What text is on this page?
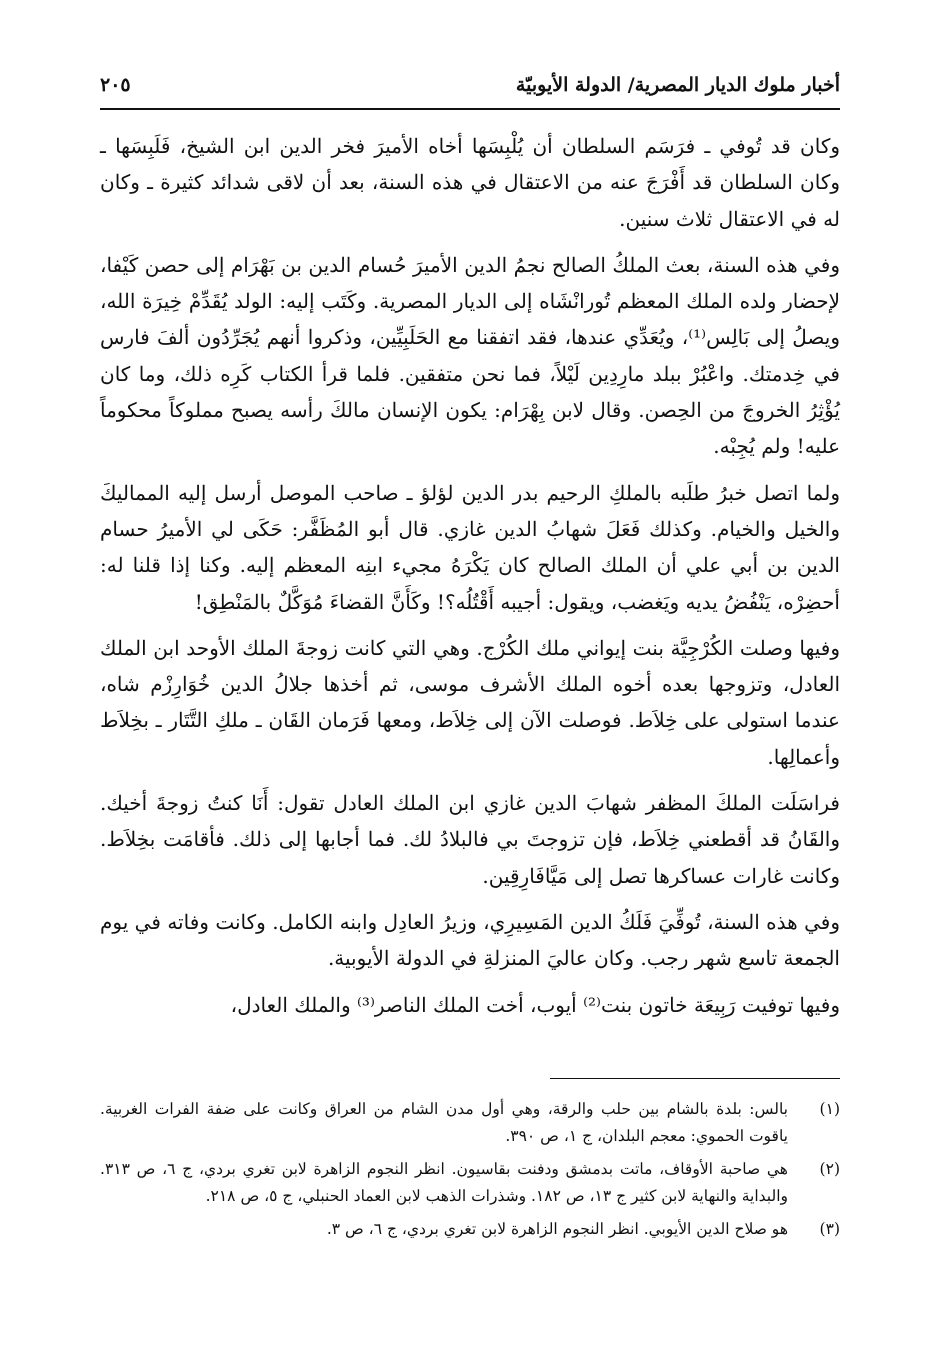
أخبار ملوك الديار المصرية/ الدولة الأيوبيّة
٢٠٥

وكان قد تُوفي ـ فرَسَم السلطان أن يُلْبِسَها أخاه الأميرَ فخر الدين ابن الشيخ، فَلَبِسَها ـ وكان السلطان قد أَفْرَجَ عنه من الاعتقال في هذه السنة، بعد أن لاقى شدائد كثيرة ـ وكان له في الاعتقال ثلاث سنين.

وفي هذه السنة، بعث الملكُ الصالح نجمُ الدين الأميرَ حُسام الدين بن بَهْرَام إلى حصن كَيْفا، لإحضار ولده الملك المعظم تُورانْشَاه إلى الديار المصرية. وكَتَب إليه: الولد يُقَدِّمْ خِيرَة الله، ويصلُ إلى بَالِس⁽¹⁾، ويُعَدِّي عندها، فقد اتفقنا مع الحَلَبِيِّين، وذكروا أنهم يُجَرِّدُون ألفَ فارس في خِدمتك. واعْبُرْ ببلد مارِدِين لَيْلاً، فما نحن متفقين. فلما قرأ الكتاب كَرِه ذلك، وما كان يُؤْثِرُ الخروجَ من الحِصن. وقال لابن بِهْرَام: يكون الإنسان مالكَ رأسه يصبح مملوكاً محكوماً عليه! ولم يُجِبْه.

ولما اتصل خبرُ طلَبه بالملكِ الرحيم بدر الدين لؤلؤ ـ صاحب الموصل أرسل إليه المماليكَ والخيل والخيام. وكذلك فَعَلَ شهابُ الدين غازي. قال أبو المُظَفَّر: حَكَى لي الأميرُ حسام الدين بن أبي علي أن الملك الصالح كان يَكْرَهُ مجيء ابنِه المعظم إليه. وكنا إذا قلنا له: أحضِرْه، يَنْفُضُ يديه ويَغضب، ويقول: أجيبه أَقْتُلُه؟! وكَأَنَّ القضاءَ مُوَكَّلٌ بالمَنْطِق!

وفيها وصلت الكُرْجِيَّة بنت إيواني ملك الكُرْج. وهي التي كانت زوجةَ الملك الأوحد ابن الملك العادل، وتزوجها بعده أخوه الملك الأشرف موسى، ثم أخذها جلالُ الدين خُوَارِزْم شاه، عندما استولى على خِلاَط. فوصلت الآن إلى خِلاَط، ومعها فَرَمان القَان ـ ملكِ التَّتَار ـ بخِلاَط وأعمالِها.

فراسَلَت الملكَ المظفر شهابَ الدين غازي ابن الملك العادل تقول: أَنَا كنتُ زوجةَ أخيك. والقَانُ قد أقطعني خِلاَط، فإن تزوجتَ بي فالبلادُ لك. فما أجابها إلى ذلك. فأقامَت بخِلاَط. وكانت غارات عساكرها تصل إلى مَيَّافَارِقِين.

وفي هذه السنة، تُوفِّيَ فَلَكُ الدين المَسِيرِي، وزيرُ العادِل وابنه الكامل. وكانت وفاته في يوم الجمعة تاسع شهر رجب. وكان عاليَ المنزلةِ في الدولة الأيوبية.

وفيها توفيت رَبِيعَة خاتون بنت⁽²⁾ أيوب، أخت الملك الناصر⁽³⁾ والملك العادل،

(١)
بالس: بلدة بالشام بين حلب والرقة، وهي أول مدن الشام من العراق وكانت على ضفة الفرات الغربية. ياقوت الحموي: معجم البلدان، ج ١، ص ٣٩٠.
(٢)
هي صاحبة الأوقاف، ماتت بدمشق ودفنت بقاسيون. انظر النجوم الزاهرة لابن تغري بردي، ج ٦، ص ٣١٣. والبداية والنهاية لابن كثير ج ١٣، ص ١٨٢. وشذرات الذهب لابن العماد الحنبلي، ج ٥، ص ٢١٨.
(٣)
هو صلاح الدين الأيوبي. انظر النجوم الزاهرة لابن تغري بردي، ج ٦، ص ٣.
